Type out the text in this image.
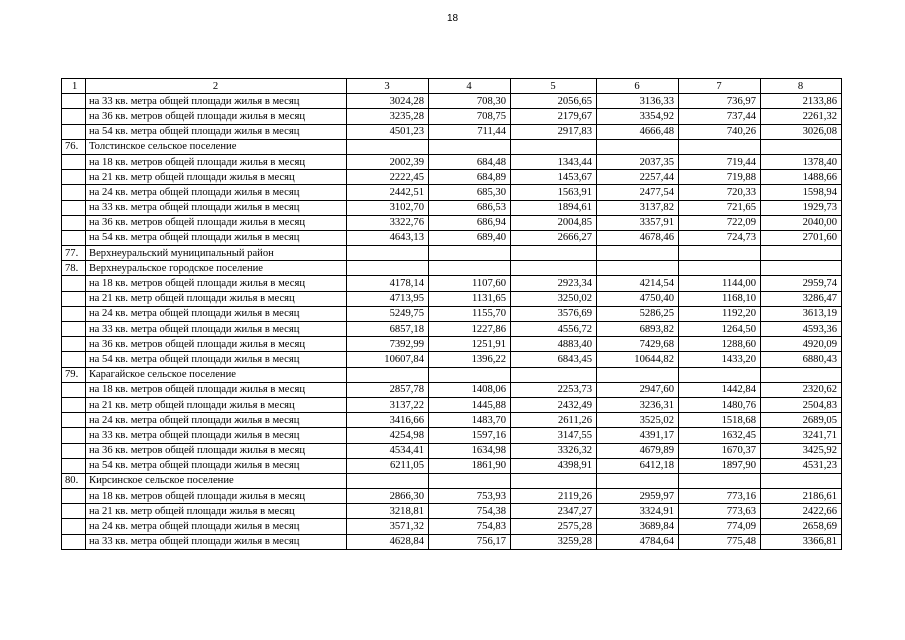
18
1	2	3	4	5	6	7	8
	на 33 кв. метра общей площади жилья в месяц	3024,28	708,30	2056,65	3136,33	736,97	2133,86
	на 36 кв. метров общей площади жилья в месяц	3235,28	708,75	2179,67	3354,92	737,44	2261,32
	на 54 кв. метра общей площади жилья в месяц	4501,23	711,44	2917,83	4666,48	740,26	3026,08
76.	Толстинское сельское поселение						
	на 18 кв. метров общей площади жилья в месяц	2002,39	684,48	1343,44	2037,35	719,44	1378,40
	на 21 кв. метр общей площади жилья в месяц	2222,45	684,89	1453,67	2257,44	719,88	1488,66
	на 24 кв. метра общей площади жилья в месяц	2442,51	685,30	1563,91	2477,54	720,33	1598,94
	на 33 кв. метра общей площади жилья в месяц	3102,70	686,53	1894,61	3137,82	721,65	1929,73
	на 36 кв. метров общей площади жилья в месяц	3322,76	686,94	2004,85	3357,91	722,09	2040,00
	на 54 кв. метра общей площади жилья в месяц	4643,13	689,40	2666,27	4678,46	724,73	2701,60
77.	Верхнеуральский муниципальный район						
78.	Верхнеуральское городское поселение						
	на 18 кв. метров общей площади жилья в месяц	4178,14	1107,60	2923,34	4214,54	1144,00	2959,74
	на 21 кв. метр общей площади жилья в месяц	4713,95	1131,65	3250,02	4750,40	1168,10	3286,47
	на 24 кв. метра общей площади жилья в месяц	5249,75	1155,70	3576,69	5286,25	1192,20	3613,19
	на 33 кв. метра общей площади жилья в месяц	6857,18	1227,86	4556,72	6893,82	1264,50	4593,36
	на 36 кв. метров общей площади жилья в месяц	7392,99	1251,91	4883,40	7429,68	1288,60	4920,09
	на 54 кв. метра общей площади жилья в месяц	10607,84	1396,22	6843,45	10644,82	1433,20	6880,43
79.	Карагайское сельское поселение						
	на 18 кв. метров общей площади жилья в месяц	2857,78	1408,06	2253,73	2947,60	1442,84	2320,62
	на 21 кв. метр общей площади жилья в месяц	3137,22	1445,88	2432,49	3236,31	1480,76	2504,83
	на 24 кв. метра общей площади жилья в месяц	3416,66	1483,70	2611,26	3525,02	1518,68	2689,05
	на 33 кв. метра общей площади жилья в месяц	4254,98	1597,16	3147,55	4391,17	1632,45	3241,71
	на 36 кв. метров общей площади жилья в месяц	4534,41	1634,98	3326,32	4679,89	1670,37	3425,92
	на 54 кв. метра общей площади жилья в месяц	6211,05	1861,90	4398,91	6412,18	1897,90	4531,23
80.	Кирсинское сельское поселение						
	на 18 кв. метров общей площади жилья в месяц	2866,30	753,93	2119,26	2959,97	773,16	2186,61
	на 21 кв. метр общей площади жилья в месяц	3218,81	754,38	2347,27	3324,91	773,63	2422,66
	на 24 кв. метра общей площади жилья в месяц	3571,32	754,83	2575,28	3689,84	774,09	2658,69
	на 33 кв. метра общей площади жилья в месяц	4628,84	756,17	3259,28	4784,64	775,48	3366,81
